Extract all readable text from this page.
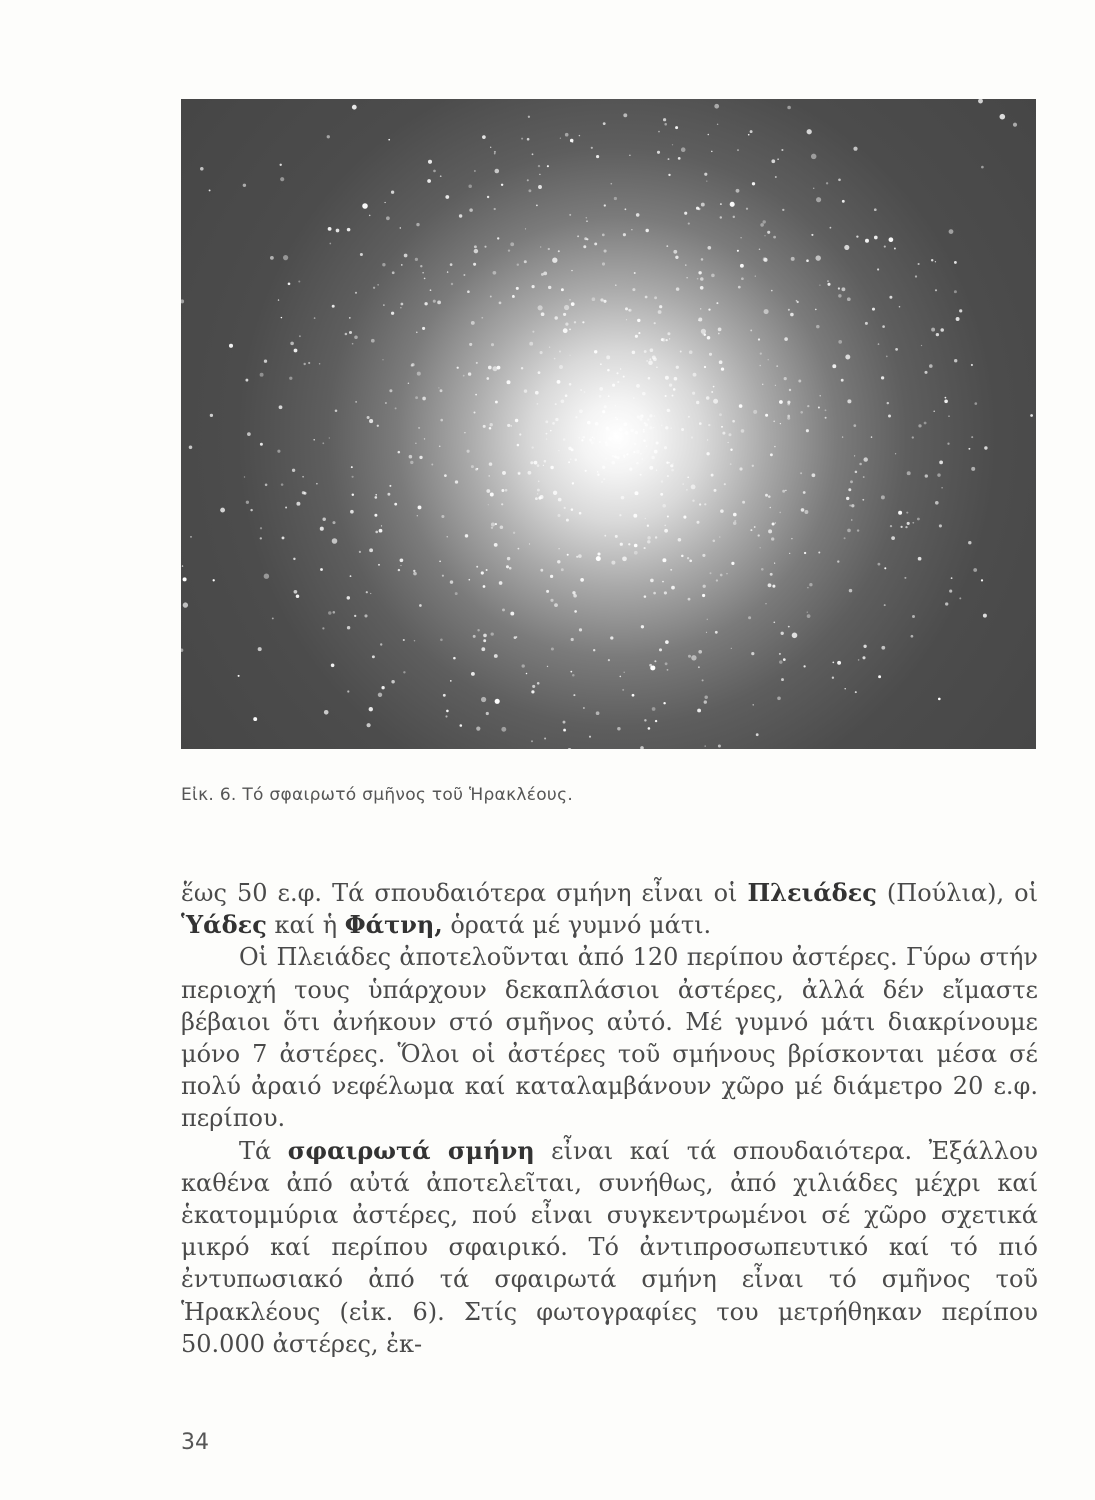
Εἰκ. 6. Τό σφαιρωτό σμῆνος τοῦ Ἡρακλέους.

ἕως 50 ε.φ. Τά σπουδαιότερα σμήνη εἶναι οἱ Πλειάδες (Πούλια), οἱ Ὑάδες καί ἡ Φάτνη, ὁρατά μέ γυμνό μάτι.

Οἱ Πλειάδες ἀποτελοῦνται ἀπό 120 περίπου ἀστέρες. Γύρω στήν περιοχή τους ὑπάρχουν δεκαπλάσιοι ἀστέρες, ἀλλά δέν εἴμαστε βέβαιοι ὅτι ἀνήκουν στό σμῆνος αὐτό. Μέ γυμνό μάτι διακρίνουμε μόνο 7 ἀστέρες. Ὅλοι οἱ ἀστέρες τοῦ σμήνους βρίσκονται μέσα σέ πολύ ἀραιό νεφέλωμα καί καταλαμβάνουν χῶρο μέ διάμετρο 20 ε.φ. περίπου.

Τά σφαιρωτά σμήνη εἶναι καί τά σπουδαιότερα. Ἐξάλλου καθένα ἀπό αὐτά ἀποτελεῖται, συνήθως, ἀπό χιλιάδες μέχρι καί ἑκατομμύρια ἀστέρες, πού εἶναι συγκεντρωμένοι σέ χῶρο σχετικά μικρό καί περίπου σφαιρικό. Τό ἀντιπροσωπευτικό καί τό πιό ἐντυπωσιακό ἀπό τά σφαιρωτά σμήνη εἶναι τό σμῆνος τοῦ Ἡρακλέους (εἰκ. 6). Στίς φωτογραφίες του μετρήθηκαν περίπου 50.000 ἀστέρες, ἐκ-

34
